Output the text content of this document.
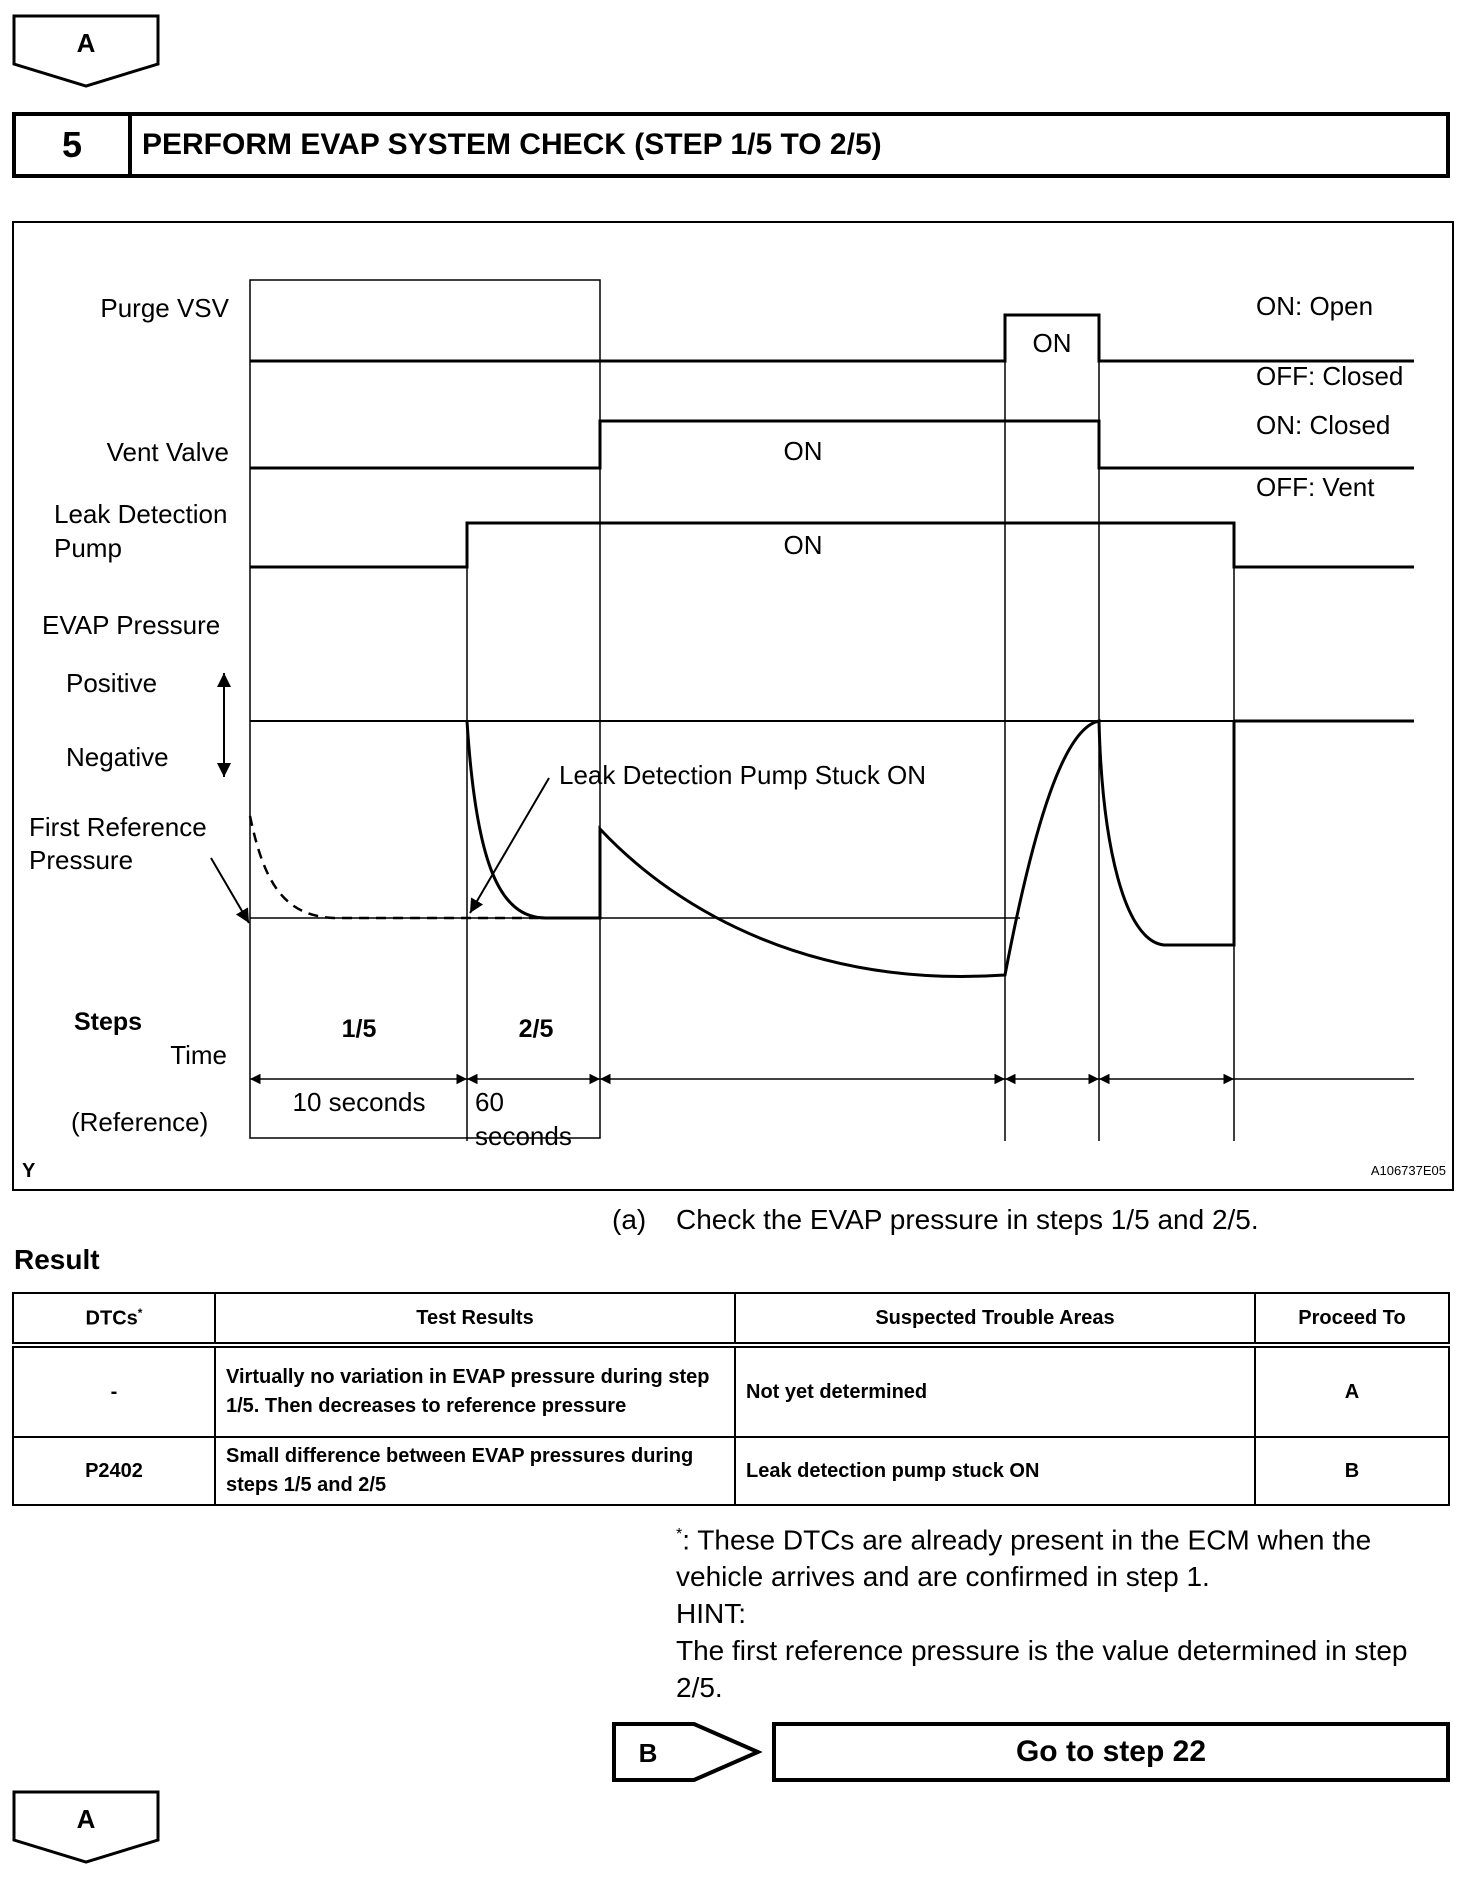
A
5	PERFORM EVAP SYSTEM CHECK (STEP 1/5 TO 2/5)
Purge VSV
Vent Valve
Leak Detection
Pump
EVAP Pressure
Positive
Negative
First Reference
Pressure
ON: Open
OFF: Closed
ON: Closed
OFF: Vent
ON
ON
ON
Leak Detection Pump Stuck ON
Steps
Time
(Reference)
1/5	2/5
10 seconds 60
seconds
Y	A106737E05
(a) Check the EVAP pressure in steps 1/5 and 2/5.
Result
DTCs*	Test Results	Suspected Trouble Areas	Proceed To
-	Virtually no variation in EVAP pressure during step 1/5. Then decreases to reference pressure	Not yet determined	A
P2402	Small difference between EVAP pressures during steps 1/5 and 2/5	Leak detection pump stuck ON	B
*: These DTCs are already present in the ECM when the vehicle arrives and are confirmed in step 1.
HINT:
The first reference pressure is the value determined in step 2/5.
B	Go to step 22
A
